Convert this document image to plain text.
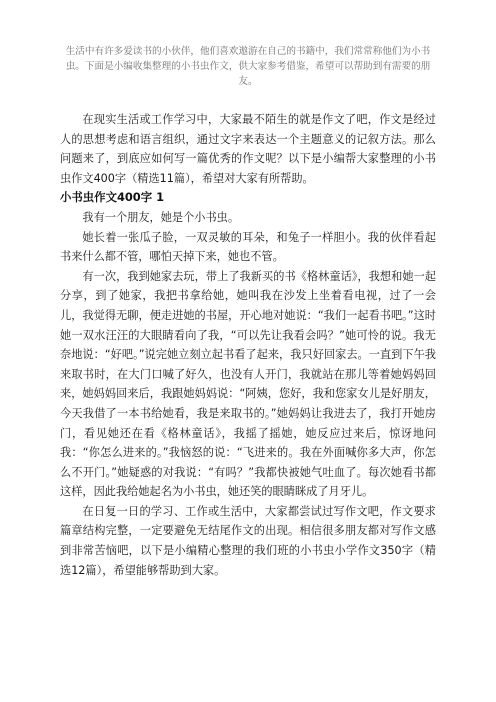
生活中有许多爱读书的小伙伴，他们喜欢遨游在自己的书籍中，我们常常称他们为小书虫。下面是小编收集整理的小书虫作文，供大家参考借鉴，希望可以帮助到有需要的朋友。

在现实生活或工作学习中，大家最不陌生的就是作文了吧，作文是经过人的思想考虑和语言组织，通过文字来表达一个主题意义的记叙方法。那么问题来了，到底应如何写一篇优秀的作文呢？以下是小编帮大家整理的小书虫作文400字（精选11篇），希望对大家有所帮助。

小书虫作文400字 1

我有一个朋友，她是个小书虫。

她长着一张瓜子脸，一双灵敏的耳朵，和兔子一样胆小。我的伙伴看起书来什么都不管，哪怕天掉下来，她也不管。

有一次，我到她家去玩，带上了我新买的书《格林童话》，我想和她一起分享，到了她家，我把书拿给她，她叫我在沙发上坐着看电视，过了一会儿，我觉得无聊，便走进她的书屋，开心地对她说：“我们一起看书吧。”这时她一双水汪汪的大眼睛看向了我，“可以先让我看会吗？”她可怜的说。我无奈地说：“好吧。”说完她立刻立起书看了起来，我只好回家去。一直到下午我来取书时，在大门口喊了好久，也没有人开门，我就站在那儿等着她妈妈回来，她妈妈回来后，我跟她妈妈说：“阿姨，您好，我和您家女儿是好朋友，今天我借了一本书给她看，我是来取书的。”她妈妈让我进去了，我打开她房门，看见她还在看《格林童话》，我摇了摇她，她反应过来后，惊讶地问我：“你怎么进来的。”我恼怒的说：“飞进来的。我在外面喊你多大声，你怎么不开门。”她疑惑的对我说：“有吗？”我都快被她气吐血了。每次她看书都这样，因此我给她起名为小书虫，她还笑的眼睛眯成了月牙儿。

在日复一日的学习、工作或生活中，大家都尝试过写作文吧，作文要求篇章结构完整，一定要避免无结尾作文的出现。相信很多朋友都对写作文感到非常苦恼吧，以下是小编精心整理的我们班的小书虫小学作文350字（精选12篇），希望能够帮助到大家。
